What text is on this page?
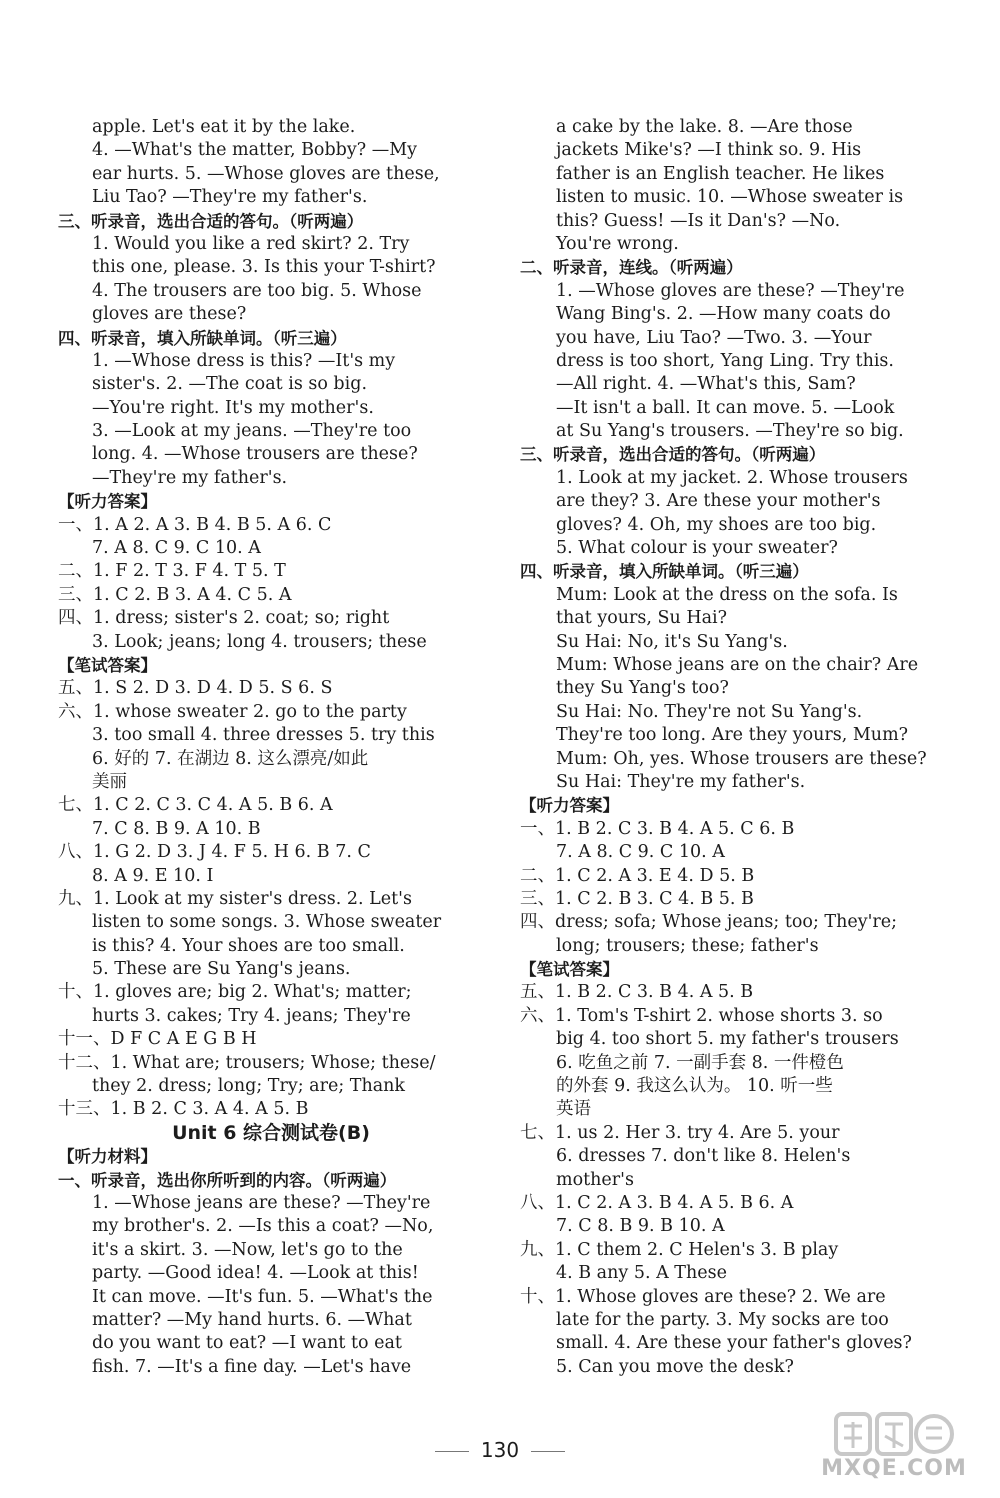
apple. Let's eat it by the lake.
4. —What's the matter, Bobby? —My
ear hurts. 5. —Whose gloves are these,
Liu Tao? —They're my father's.
三、听录音，选出合适的答句。（听两遍）
1. Would you like a red skirt? 2. Try
this one, please. 3. Is this your T-shirt?
4. The trousers are too big. 5. Whose
gloves are these?
四、听录音，填入所缺单词。（听三遍）
1. —Whose dress is this? —It's my
sister's. 2. —The coat is so big.
—You're right. It's my mother's.
3. —Look at my jeans. —They're too
long. 4. —Whose trousers are these?
—They're my father's.
【听力答案】
一、1. A 2. A 3. B 4. B 5. A 6. C
7. A 8. C 9. C 10. A
二、1. F 2. T 3. F 4. T 5. T
三、1. C 2. B 3. A 4. C 5. A
四、1. dress; sister's 2. coat; so; right
3. Look; jeans; long 4. trousers; these
【笔试答案】
五、1. S 2. D 3. D 4. D 5. S 6. S
六、1. whose sweater 2. go to the party
3. too small 4. three dresses 5. try this
6. 好的 7. 在湖边 8. 这么漂亮/如此
美丽
七、1. C 2. C 3. C 4. A 5. B 6. A
7. C 8. B 9. A 10. B
八、1. G 2. D 3. J 4. F 5. H 6. B 7. C
8. A 9. E 10. I
九、1. Look at my sister's dress. 2. Let's
listen to some songs. 3. Whose sweater
is this? 4. Your shoes are too small.
5. These are Su Yang's jeans.
十、1. gloves are; big 2. What's; matter;
hurts 3. cakes; Try 4. jeans; They're
十一、D F C A E G B H
十二、1. What are; trousers; Whose; these/
they 2. dress; long; Try; are; Thank
十三、1. B 2. C 3. A 4. A 5. B
Unit 6 综合测试卷(B)
【听力材料】
一、听录音，选出你所听到的内容。（听两遍）
1. —Whose jeans are these? —They're
my brother's. 2. —Is this a coat? —No,
it's a skirt. 3. —Now, let's go to the
party. —Good idea! 4. —Look at this!
It can move. —It's fun. 5. —What's the
matter? —My hand hurts. 6. —What
do you want to eat? —I want to eat
fish. 7. —It's a fine day. —Let's have
a cake by the lake. 8. —Are those
jackets Mike's? —I think so. 9. His
father is an English teacher. He likes
listen to music. 10. —Whose sweater is
this? Guess! —Is it Dan's? —No.
You're wrong.
二、听录音，连线。（听两遍）
1. —Whose gloves are these? —They're
Wang Bing's. 2. —How many coats do
you have, Liu Tao? —Two. 3. —Your
dress is too short, Yang Ling. Try this.
—All right. 4. —What's this, Sam?
—It isn't a ball. It can move. 5. —Look
at Su Yang's trousers. —They're so big.
三、听录音，选出合适的答句。（听两遍）
1. Look at my jacket. 2. Whose trousers
are they? 3. Are these your mother's
gloves? 4. Oh, my shoes are too big.
5. What colour is your sweater?
四、听录音，填入所缺单词。（听三遍）
Mum: Look at the dress on the sofa. Is
that yours, Su Hai?
Su Hai: No, it's Su Yang's.
Mum: Whose jeans are on the chair? Are
they Su Yang's too?
Su Hai: No. They're not Su Yang's.
They're too long. Are they yours, Mum?
Mum: Oh, yes. Whose trousers are these?
Su Hai: They're my father's.
【听力答案】
一、1. B 2. C 3. B 4. A 5. C 6. B
7. A 8. C 9. C 10. A
二、1. C 2. A 3. E 4. D 5. B
三、1. C 2. B 3. C 4. B 5. B
四、dress; sofa; Whose jeans; too; They're;
long; trousers; these; father's
【笔试答案】
五、1. B 2. C 3. B 4. A 5. B
六、1. Tom's T-shirt 2. whose shorts 3. so
big 4. too short 5. my father's trousers
6. 吃鱼之前 7. 一副手套 8. 一件橙色
的外套 9. 我这么认为。 10. 听一些
英语
七、1. us 2. Her 3. try 4. Are 5. your
6. dresses 7. don't like 8. Helen's
mother's
八、1. C 2. A 3. B 4. A 5. B 6. A
7. C 8. B 9. B 10. A
九、1. C them 2. C Helen's 3. B play
4. B any 5. A These
十、1. Whose gloves are these? 2. We are
late for the party. 3. My socks are too
small. 4. Are these your father's gloves?
5. Can you move the desk?
130
MXQE.COM
